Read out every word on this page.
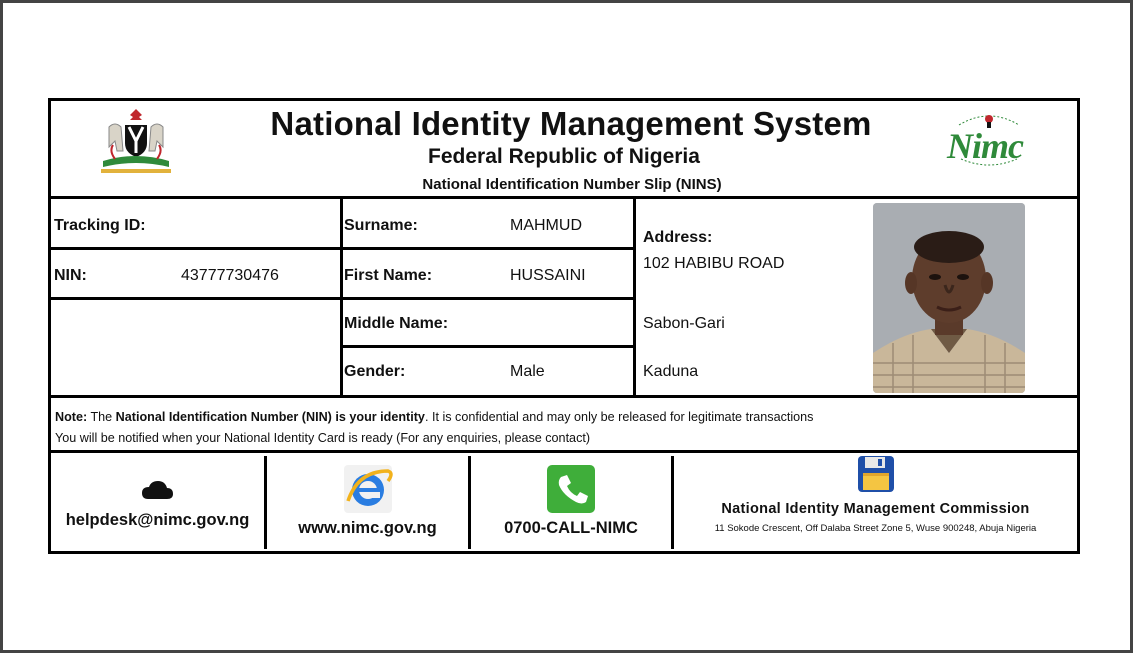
National Identity Management System
Federal Republic of Nigeria
National Identification Number Slip (NINS)
Nimc
Tracking ID:
NIN:	43777730476
Surname:	MAHMUD
First Name:	HUSSAINI
Middle Name:
Gender:	Male
Address:
102 HABIBU ROAD
Sabon-Gari
Kaduna
Note: The National Identification Number (NIN) is your identity. It is confidential and may only be released for legitimate transactions
You will be notified when your National Identity Card is ready (For any enquiries, please contact)
helpdesk@nimc.gov.ng	www.nimc.gov.ng	0700-CALL-NIMC
National Identity Management Commission
11 Sokode Crescent, Off Dalaba Street Zone 5, Wuse 900248, Abuja Nigeria
